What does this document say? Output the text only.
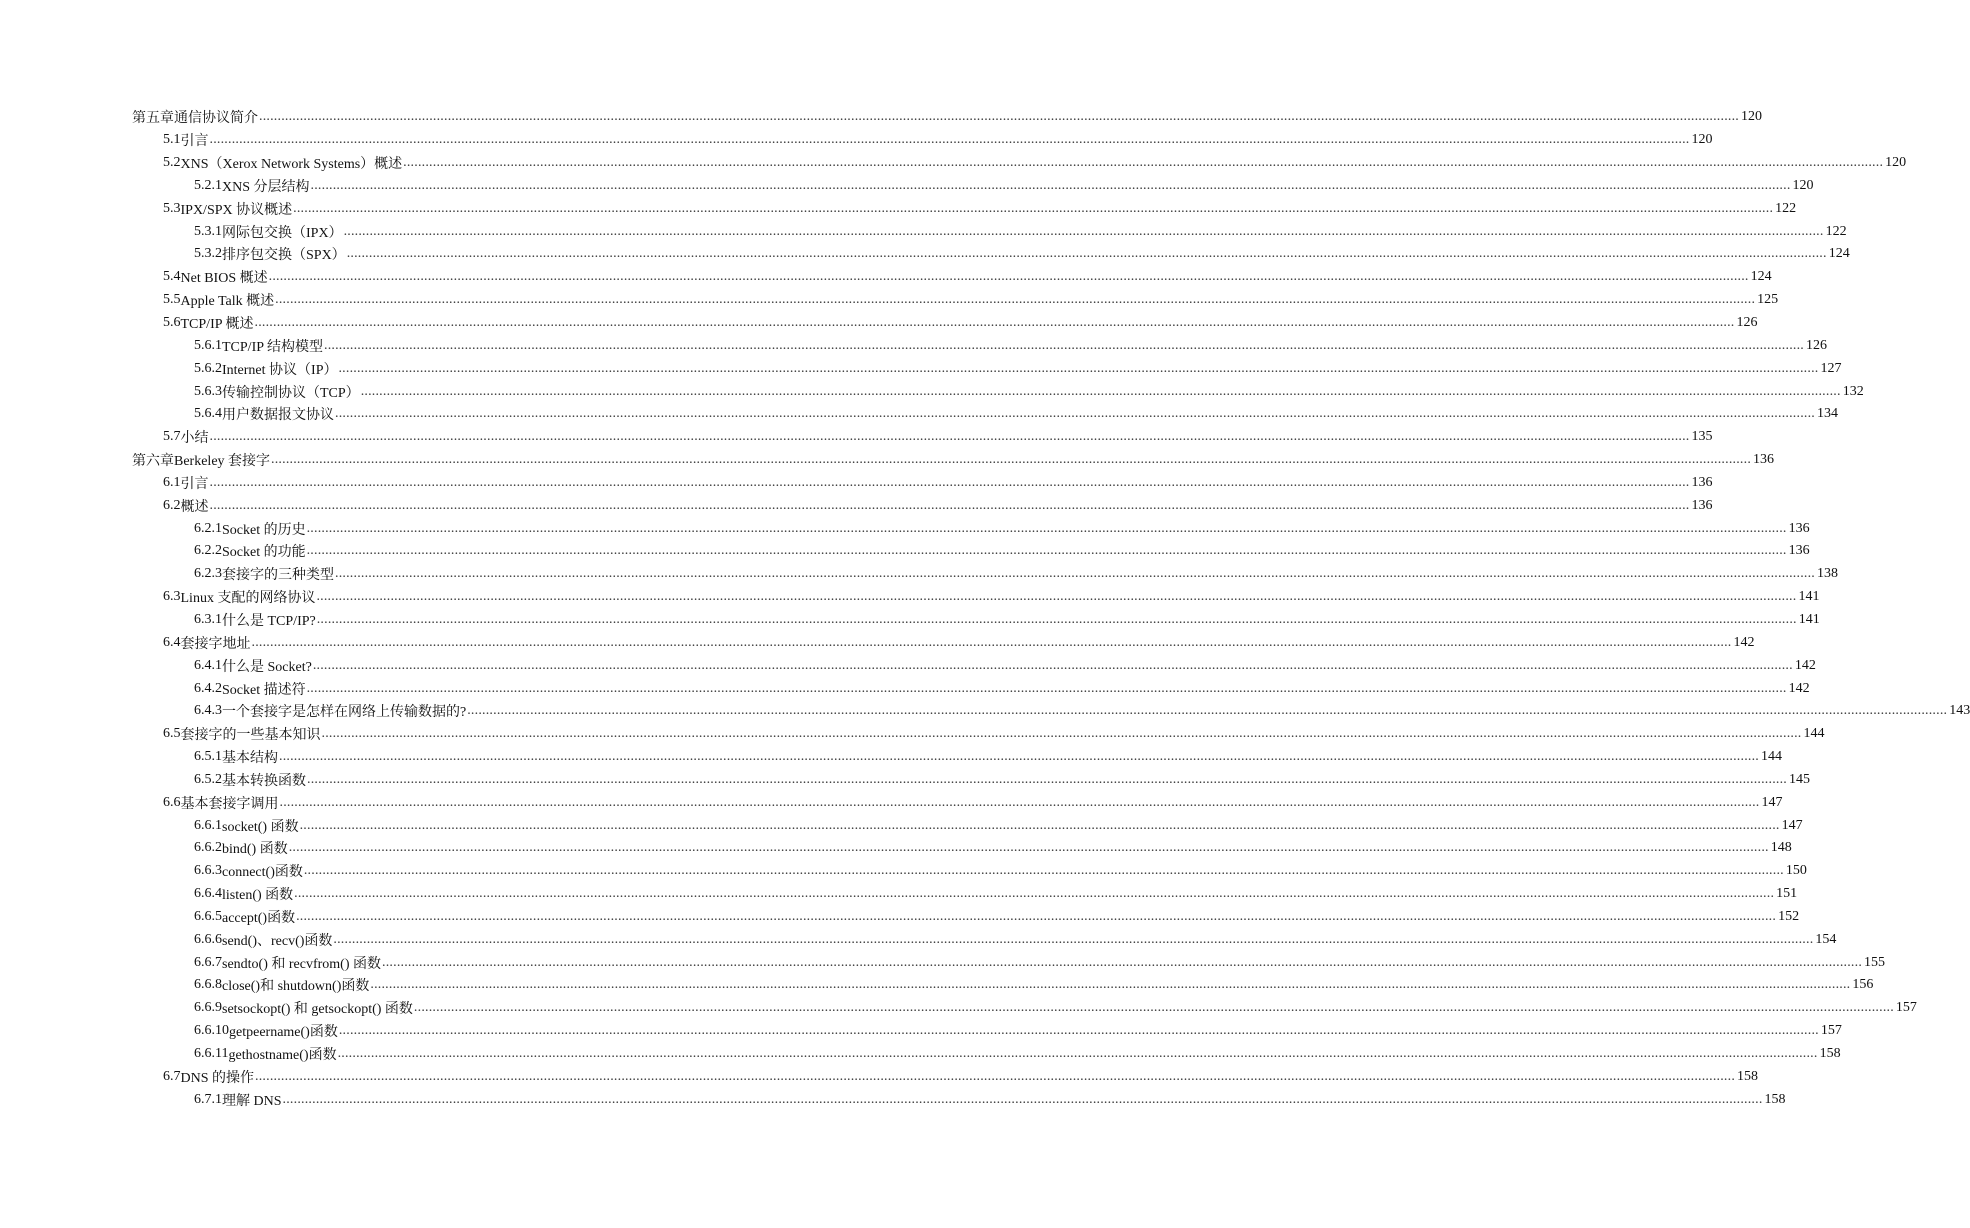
第五章 通信协议简介 ................................................................................................................................................................................................................................................................................................................................................................................................................ 120
5.1 引言 ................................................................................................................................................................................................................................................................................................................................................................................................................ 120
5.2 XNS（Xerox Network Systems）概述 ................................................................................................................................................................................................................................................................................................................................................................................................................ 120
5.2.1 XNS 分层结构 ................................................................................................................................................................................................................................................................................................................................................................................................................ 120
5.3 IPX/SPX 协议概述 ................................................................................................................................................................................................................................................................................................................................................................................................................ 122
5.3.1 网际包交换（IPX） ................................................................................................................................................................................................................................................................................................................................................................................................................ 122
5.3.2 排序包交换（SPX） ................................................................................................................................................................................................................................................................................................................................................................................................................ 124
5.4 Net BIOS 概述 ................................................................................................................................................................................................................................................................................................................................................................................................................ 124
5.5 Apple Talk 概述 ................................................................................................................................................................................................................................................................................................................................................................................................................ 125
5.6 TCP/IP 概述 ................................................................................................................................................................................................................................................................................................................................................................................................................ 126
5.6.1 TCP/IP 结构模型 ................................................................................................................................................................................................................................................................................................................................................................................................................ 126
5.6.2 Internet 协议（IP） ................................................................................................................................................................................................................................................................................................................................................................................................................ 127
5.6.3 传输控制协议（TCP） ................................................................................................................................................................................................................................................................................................................................................................................................................ 132
5.6.4 用户数据报文协议 ................................................................................................................................................................................................................................................................................................................................................................................................................ 134
5.7 小结 ................................................................................................................................................................................................................................................................................................................................................................................................................ 135
第六章 Berkeley 套接字 ................................................................................................................................................................................................................................................................................................................................................................................................................ 136
6.1 引言 ................................................................................................................................................................................................................................................................................................................................................................................................................ 136
6.2 概述 ................................................................................................................................................................................................................................................................................................................................................................................................................ 136
6.2.1 Socket 的历史 ................................................................................................................................................................................................................................................................................................................................................................................................................ 136
6.2.2 Socket 的功能 ................................................................................................................................................................................................................................................................................................................................................................................................................ 136
6.2.3 套接字的三种类型 ................................................................................................................................................................................................................................................................................................................................................................................................................ 138
6.3 Linux 支配的网络协议 ................................................................................................................................................................................................................................................................................................................................................................................................................ 141
6.3.1 什么是 TCP/IP? ................................................................................................................................................................................................................................................................................................................................................................................................................ 141
6.4 套接字地址 ................................................................................................................................................................................................................................................................................................................................................................................................................ 142
6.4.1 什么是 Socket? ................................................................................................................................................................................................................................................................................................................................................................................................................ 142
6.4.2 Socket 描述符 ................................................................................................................................................................................................................................................................................................................................................................................................................ 142
6.4.3 一个套接字是怎样在网络上传输数据的? ................................................................................................................................................................................................................................................................................................................................................................................................................ 143
6.5 套接字的一些基本知识 ................................................................................................................................................................................................................................................................................................................................................................................................................ 144
6.5.1 基本结构 ................................................................................................................................................................................................................................................................................................................................................................................................................ 144
6.5.2 基本转换函数 ................................................................................................................................................................................................................................................................................................................................................................................................................ 145
6.6 基本套接字调用 ................................................................................................................................................................................................................................................................................................................................................................................................................ 147
6.6.1 socket() 函数 ................................................................................................................................................................................................................................................................................................................................................................................................................ 147
6.6.2 bind() 函数 ................................................................................................................................................................................................................................................................................................................................................................................................................ 148
6.6.3 connect()函数 ................................................................................................................................................................................................................................................................................................................................................................................................................ 150
6.6.4 listen() 函数 ................................................................................................................................................................................................................................................................................................................................................................................................................ 151
6.6.5 accept()函数 ................................................................................................................................................................................................................................................................................................................................................................................................................ 152
6.6.6 send()、recv()函数 ................................................................................................................................................................................................................................................................................................................................................................................................................ 154
6.6.7 sendto() 和 recvfrom() 函数 ................................................................................................................................................................................................................................................................................................................................................................................................................ 155
6.6.8 close()和 shutdown()函数 ................................................................................................................................................................................................................................................................................................................................................................................................................ 156
6.6.9 setsockopt() 和 getsockopt() 函数 ................................................................................................................................................................................................................................................................................................................................................................................................................ 157
6.6.10 getpeername()函数 ................................................................................................................................................................................................................................................................................................................................................................................................................ 157
6.6.11 gethostname()函数 ................................................................................................................................................................................................................................................................................................................................................................................................................ 158
6.7 DNS 的操作 ................................................................................................................................................................................................................................................................................................................................................................................................................ 158
6.7.1 理解 DNS ................................................................................................................................................................................................................................................................................................................................................................................................................ 158
